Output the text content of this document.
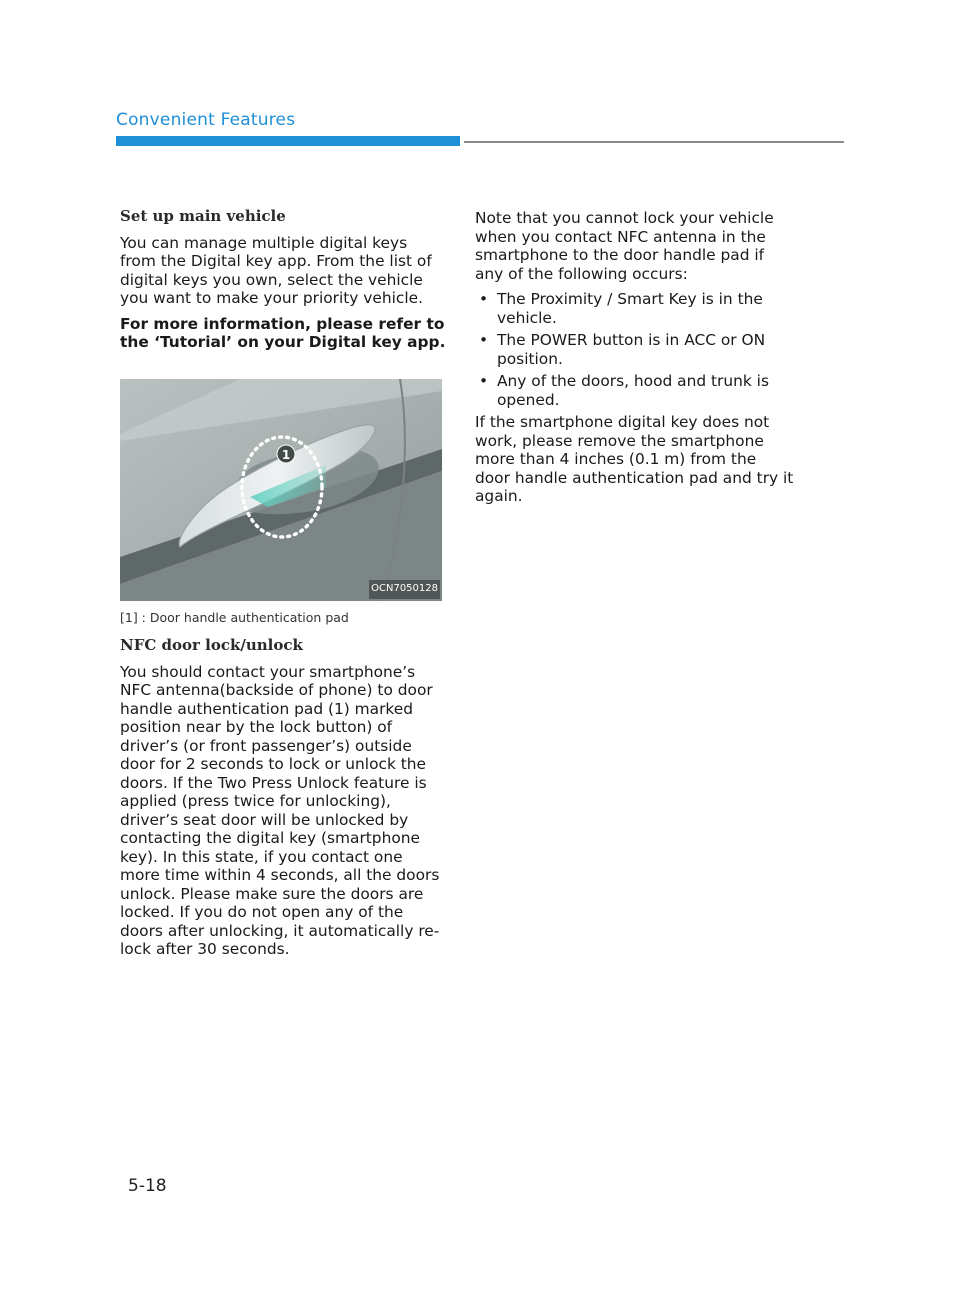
Convenient Features
Set up main vehicle

You can manage multiple digital keys from the Digital key app. From the list of digital keys you own, select the vehicle you want to make your priority vehicle.

For more information, please refer to the ‘Tutorial’ on your Digital key app.

1
OCN7050128

[1] : Door handle authentication pad

NFC door lock/unlock

You should contact your smartphone’s NFC antenna(backside of phone) to door handle authentication pad (1) marked position near by the lock button) of driver’s (or front passenger’s) outside door for 2 seconds to lock or unlock the doors. If the Two Press Unlock feature is applied (press twice for unlocking), driver’s seat door will be unlocked by contacting the digital key (smartphone key). In this state, if you contact one more time within 4 seconds, all the doors unlock. Please make sure the doors are locked. If you do not open any of the doors after unlocking, it automatically re-lock after 30 seconds.

Note that you cannot lock your vehicle when you contact NFC antenna in the smartphone to the door handle pad if any of the following occurs:

• The Proximity / Smart Key is in the vehicle.
• The POWER button is in ACC or ON position.
• Any of the doors, hood and trunk is opened.

If the smartphone digital key does not work, please remove the smartphone more than 4 inches (0.1 m) from the door handle authentication pad and try it again.

5-18
